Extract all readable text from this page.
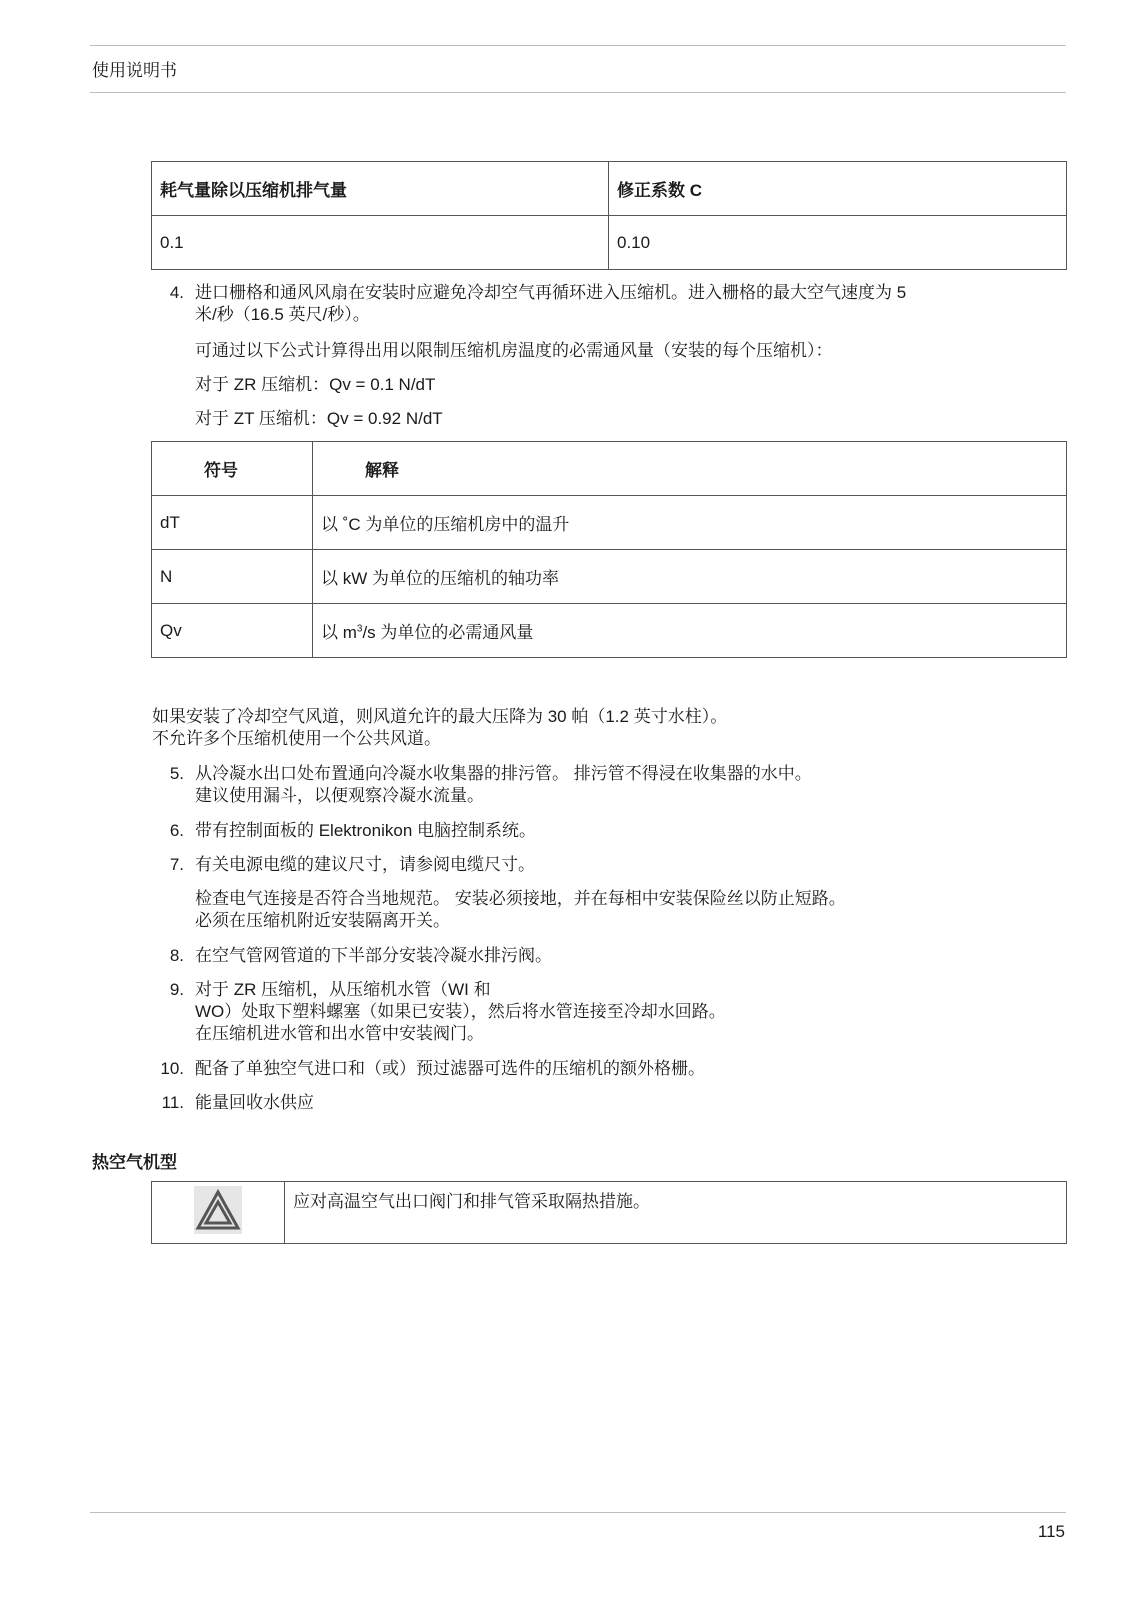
使用说明书
耗气量除以压缩机排气量	修正系数 C
0.1	0.10
4. 进口栅格和通风风扇在安装时应避免冷却空气再循环进入压缩机。进入栅格的最大空气速度为 5

米/秒（16.5 英尺/秒）。

可通过以下公式计算得出用以限制压缩机房温度的必需通风量（安装的每个压缩机）：
对于 ZR 压缩机：Qv = 0.1 N/dT
对于 ZT 压缩机：Qv = 0.92 N/dT
符号	解释
dT	以 ˚C 为单位的压缩机房中的温升
N	以 kW 为单位的压缩机的轴功率
Qv	以 $m^3/s$ 为单位的必需通风量
如果安装了冷却空气风道，则风道允许的最大压降为 30 帕（1.2 英寸水柱）。
不允许多个压缩机使用一个公共风道。
5. 从冷凝水出口处布置通向冷凝水收集器的排污管。 排污管不得浸在收集器的水中。

建议使用漏斗，以便观察冷凝水流量。

6. 带有控制面板的 Elektronikon 电脑控制系统。

7. 有关电源电缆的建议尺寸，请参阅电缆尺寸。

检查电气连接是否符合当地规范。 安装必须接地，并在每相中安装保险丝以防止短路。
必须在压缩机附近安装隔离开关。
8. 在空气管网管道的下半部分安装冷凝水排污阀。

9. 对于 ZR 压缩机，从压缩机水管（WI 和

WO）处取下塑料螺塞（如果已安装），然后将水管连接至冷却水回路。

在压缩机进水管和出水管中安装阀门。

10. 配备了单独空气进口和（或）预过滤器可选件的压缩机的额外格栅。

11. 能量回收水供应

热空气机型
	应对高温空气出口阀门和排气管采取隔热措施。
115
